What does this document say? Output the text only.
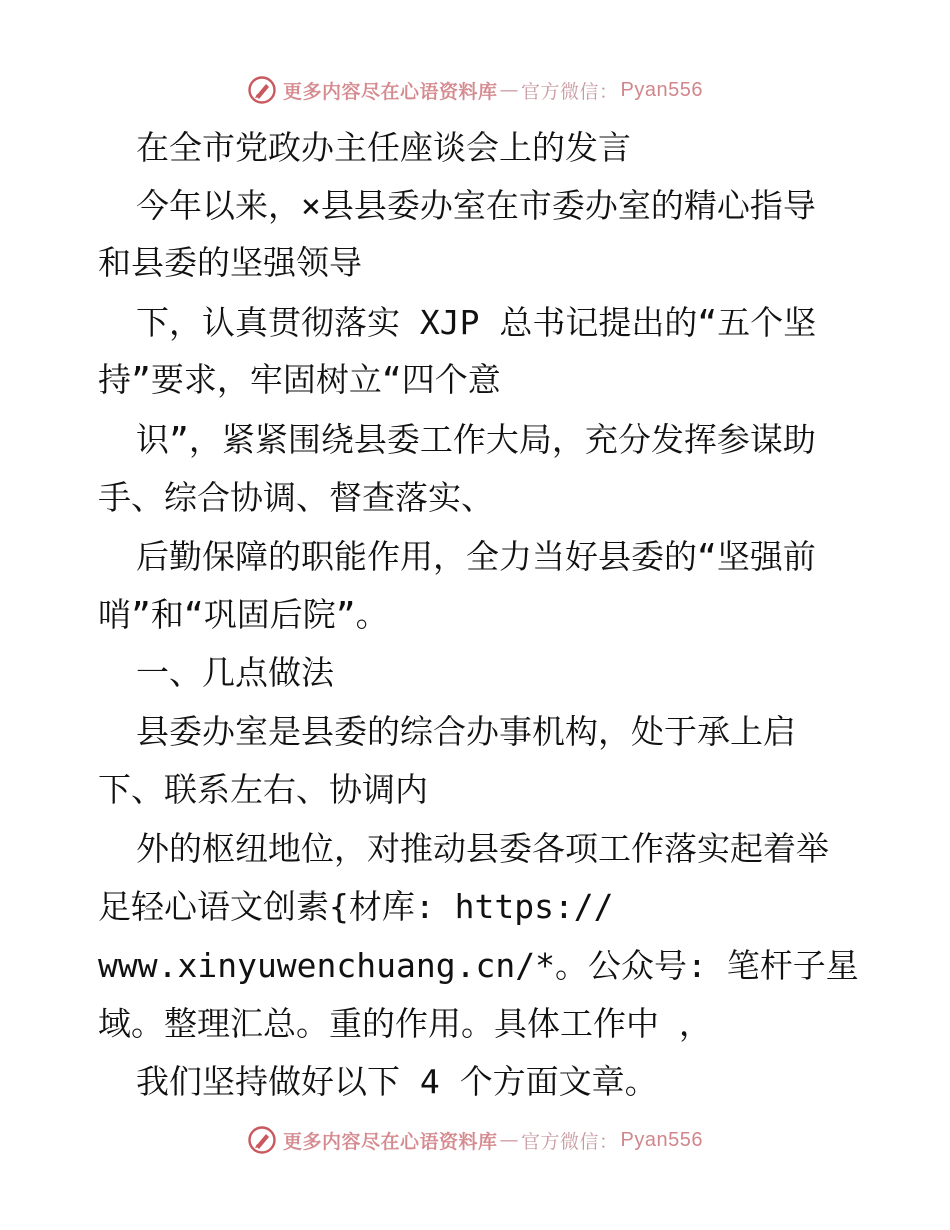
更多内容尽在心语资料库 — 官方微信： Pyan556

在全市党政办主任座谈会上的发言

今年以来，×县县委办室在市委办室的精心指导

和县委的坚强领导

下，认真贯彻落实 XJP 总书记提出的“五个坚

持”要求，牢固树立“四个意

识”，紧紧围绕县委工作大局，充分发挥参谋助

手、综合协调、督查落实、

后勤保障的职能作用，全力当好县委的“坚强前

哨”和“巩固后院”。

一、几点做法

县委办室是县委的综合办事机构，处于承上启

下、联系左右、协调内

外的枢纽地位，对推动县委各项工作落实起着举

足轻心语文创素{材库: https://

www.xinyuwenchuang.cn/*。公众号: 笔杆子星

域。整理汇总。重的作用。具体工作中 ，

我们坚持做好以下 4 个方面文章。

更多内容尽在心语资料库 — 官方微信： Pyan556
